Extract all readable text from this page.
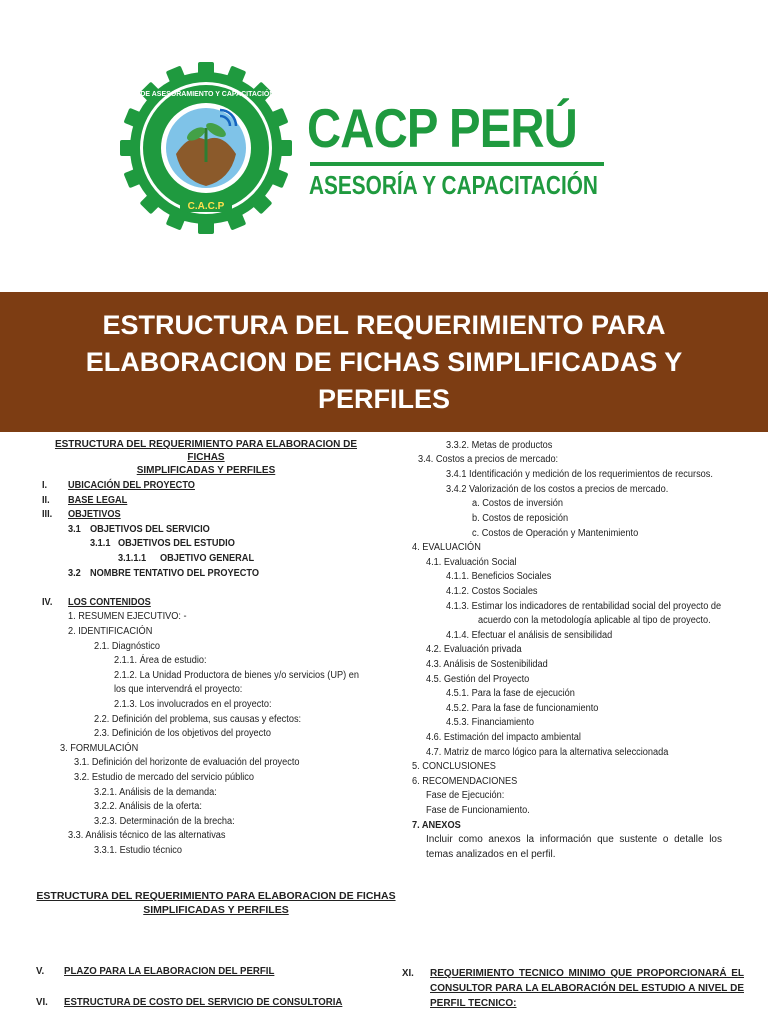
CORPORACIÓN DE ASESORAMIENTO Y CAPACITACIÓN PROFESIONAL
C.A.C.P
CACP PERÚ
ASESORÍA Y CAPACITACIÓN
ESTRUCTURA DEL REQUERIMIENTO PARA
ELABORACION DE FICHAS SIMPLIFICADAS Y
PERFILES
ESTRUCTURA DEL REQUERIMIENTO PARA ELABORACION DE FICHAS
SIMPLIFICADAS Y PERFILES
I. UBICACIÓN DEL PROYECTO
II. BASE LEGAL
III. OBJETIVOS
3.1 OBJETIVOS DEL SERVICIO
3.1.1 OBJETIVOS DEL ESTUDIO
3.1.1.1 OBJETIVO GENERAL
3.2 NOMBRE TENTATIVO DEL PROYECTO
IV. LOS CONTENIDOS
1. RESUMEN EJECUTIVO: -
2. IDENTIFICACIÓN
2.1. Diagnóstico
2.1.1. Área de estudio:
2.1.2. La Unidad Productora de bienes y/o servicios (UP) en
los que intervendrá el proyecto:
2.1.3. Los involucrados en el proyecto:
2.2. Definición del problema, sus causas y efectos:
2.3. Definición de los objetivos del proyecto
3. FORMULACIÓN
3.1. Definición del horizonte de evaluación del proyecto
3.2. Estudio de mercado del servicio público
3.2.1. Análisis de la demanda:
3.2.2. Análisis de la oferta:
3.2.3. Determinación de la brecha:
3.3. Análisis técnico de las alternativas
3.3.1. Estudio técnico
3.3.2. Metas de productos
3.4. Costos a precios de mercado:
3.4.1 Identificación y medición de los requerimientos de recursos.
3.4.2 Valorización de los costos a precios de mercado.
a. Costos de inversión
b. Costos de reposición
c. Costos de Operación y Mantenimiento
4. EVALUACIÓN
4.1. Evaluación Social
4.1.1. Beneficios Sociales
4.1.2. Costos Sociales
4.1.3. Estimar los indicadores de rentabilidad social del proyecto de
acuerdo con la metodología aplicable al tipo de proyecto.
4.1.4. Efectuar el análisis de sensibilidad
4.2. Evaluación privada
4.3. Análisis de Sostenibilidad
4.5. Gestión del Proyecto
4.5.1. Para la fase de ejecución
4.5.2. Para la fase de funcionamiento
4.5.3. Financiamiento
4.6. Estimación del impacto ambiental
4.7. Matriz de marco lógico para la alternativa seleccionada
5. CONCLUSIONES
6. RECOMENDACIONES
Fase de Ejecución:
Fase de Funcionamiento.
7. ANEXOS
Incluir como anexos la información que sustente o detalle los temas analizados en el perfil.
ESTRUCTURA DEL REQUERIMIENTO PARA ELABORACION DE FICHAS
SIMPLIFICADAS Y PERFILES
V. PLAZO PARA LA ELABORACION DEL PERFIL
VI. ESTRUCTURA DE COSTO DEL SERVICIO DE CONSULTORIA
XI. REQUERIMIENTO TECNICO MINIMO QUE PROPORCIONARÁ EL CONSULTOR PARA LA ELABORACIÓN DEL ESTUDIO A NIVEL DE PERFIL TECNICO:
